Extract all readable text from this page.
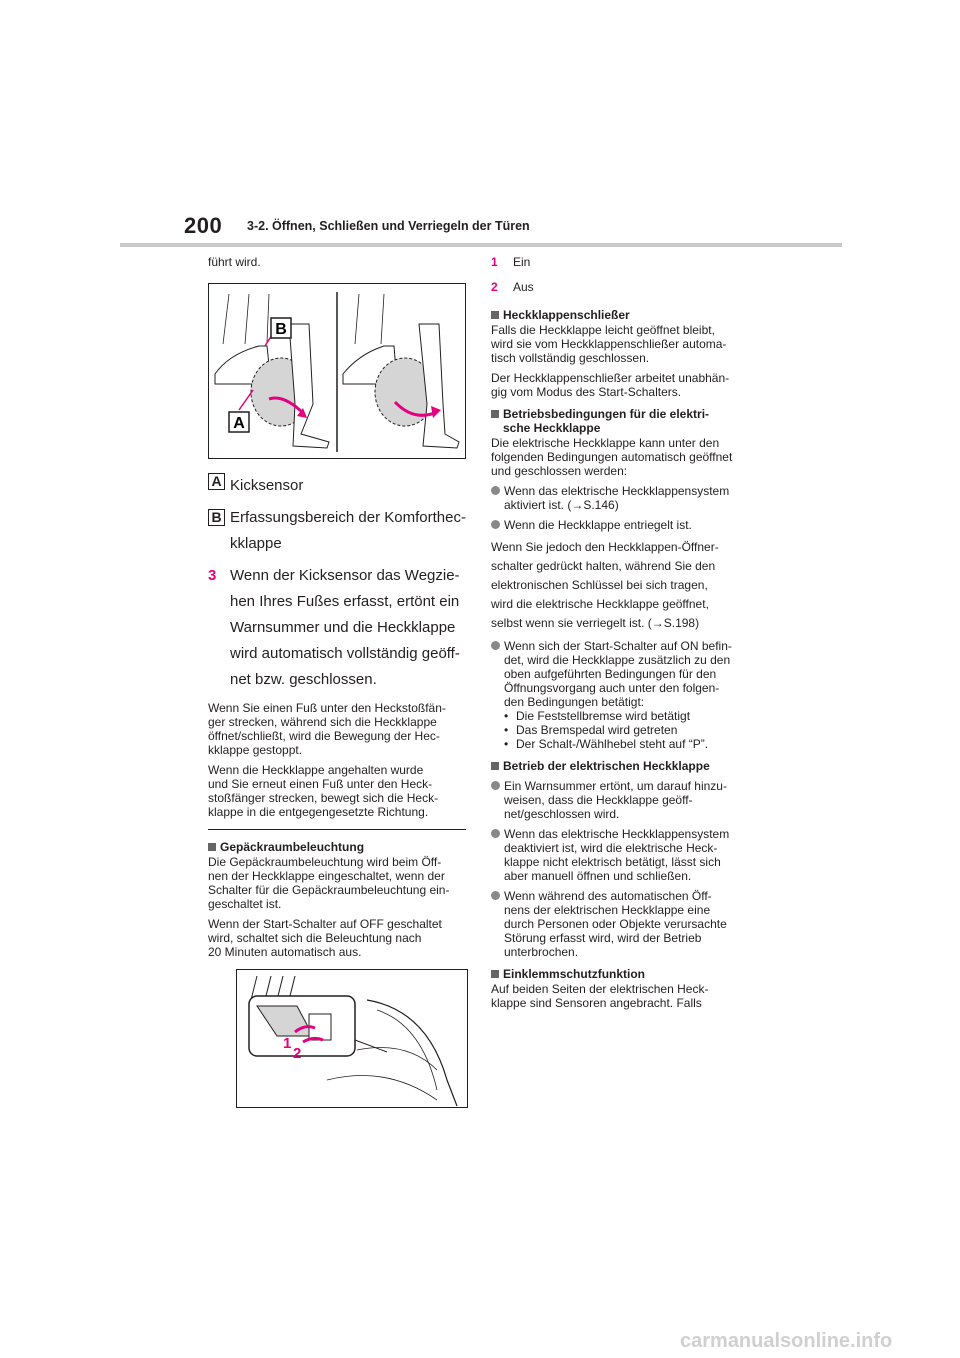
200 3-2. Öffnen, Schließen und Verriegeln der Türen
führt wird.
B
A
A Kicksensor
B Erfassungsbereich der Komforthec-
kklappe
3 Wenn der Kicksensor das Wegzie-
hen Ihres Fußes erfasst, ertönt ein
Warnsummer und die Heckklappe
wird automatisch vollständig geöff-
net bzw. geschlossen.
Wenn Sie einen Fuß unter den Heckstoßfän-
ger strecken, während sich die Heckklappe
öffnet/schließt, wird die Bewegung der Hec-
kklappe gestoppt.
Wenn die Heckklappe angehalten wurde
und Sie erneut einen Fuß unter den Heck-
stoßfänger strecken, bewegt sich die Heck-
klappe in die entgegengesetzte Richtung.
Gepäckraumbeleuchtung
Die Gepäckraumbeleuchtung wird beim Öff-
nen der Heckklappe eingeschaltet, wenn der
Schalter für die Gepäckraumbeleuchtung ein-
geschaltet ist.
Wenn der Start-Schalter auf OFF geschaltet
wird, schaltet sich die Beleuchtung nach
20 Minuten automatisch aus.
1
2
1	Ein
2	Aus
Heckklappenschließer
Falls die Heckklappe leicht geöffnet bleibt,
wird sie vom Heckklappenschließer automa-
tisch vollständig geschlossen.
Der Heckklappenschließer arbeitet unabhän-
gig vom Modus des Start-Schalters.
Betriebsbedingungen für die elektri-
sche Heckklappe
Die elektrische Heckklappe kann unter den
folgenden Bedingungen automatisch geöffnet
und geschlossen werden:
Wenn das elektrische Heckklappensystem
aktiviert ist. (→S.146)
Wenn die Heckklappe entriegelt ist.
Wenn Sie jedoch den Heckklappen-Öffner-
schalter gedrückt halten, während Sie den
elektronischen Schlüssel bei sich tragen,
wird die elektrische Heckklappe geöffnet,
selbst wenn sie verriegelt ist. (→S.198)
Wenn sich der Start-Schalter auf ON befin-
det, wird die Heckklappe zusätzlich zu den
oben aufgeführten Bedingungen für den
Öffnungsvorgang auch unter den folgen-
den Bedingungen betätigt:
• Die Feststellbremse wird betätigt
• Das Bremspedal wird getreten
• Der Schalt-/Wählhebel steht auf “P”.
Betrieb der elektrischen Heckklappe
Ein Warnsummer ertönt, um darauf hinzu-
weisen, dass die Heckklappe geöff-
net/geschlossen wird.
Wenn das elektrische Heckklappensystem
deaktiviert ist, wird die elektrische Heck-
klappe nicht elektrisch betätigt, lässt sich
aber manuell öffnen und schließen.
Wenn während des automatischen Öff-
nens der elektrischen Heckklappe eine
durch Personen oder Objekte verursachte
Störung erfasst wird, wird der Betrieb
unterbrochen.
Einklemmschutzfunktion
Auf beiden Seiten der elektrischen Heck-
klappe sind Sensoren angebracht. Falls
carmanualsonline.info
